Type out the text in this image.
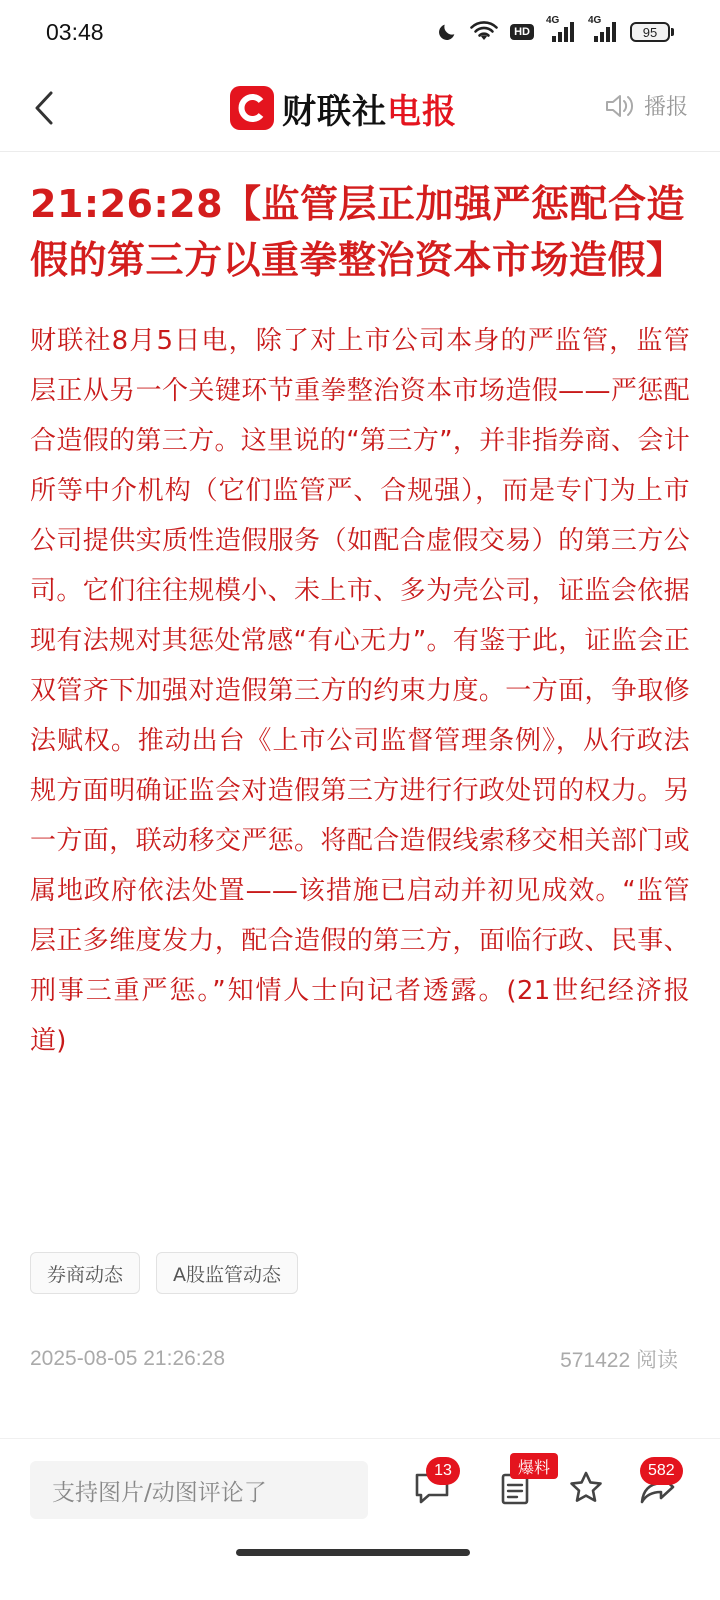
03:48	HD
4G	4G
95
财联社 电报	播报
21:26:28【监管层正加强严惩配合造假的第三方以重拳整治资本市场造假】

财联社8月5日电，除了对上市公司本身的严监管，监管层正从另一个关键环节重拳整治资本市场造假——严惩配合造假的第三方。这里说的“第三方”，并非指券商、会计所等中介机构（它们监管严、合规强），而是专门为上市公司提供实质性造假服务（如配合虚假交易）的第三方公司。它们往往规模小、未上市、多为壳公司，证监会依据现有法规对其惩处常感“有心无力”。有鉴于此，证监会正双管齐下加强对造假第三方的约束力度。一方面，争取修法赋权。推动出台《上市公司监督管理条例》，从行政法规方面明确证监会对造假第三方进行行政处罚的权力。另一方面，联动移交严惩。将配合造假线索移交相关部门或属地政府依法处置——该措施已启动并初见成效。“监管层正多维度发力，配合造假的第三方，面临行政、民事、刑事三重严惩。”知情人士向记者透露。(21世纪经济报道)

券商动态	A股监管动态
2025-08-05 21:26:28	571422 阅读
支持图片/动图评论了
13	爆料	582
